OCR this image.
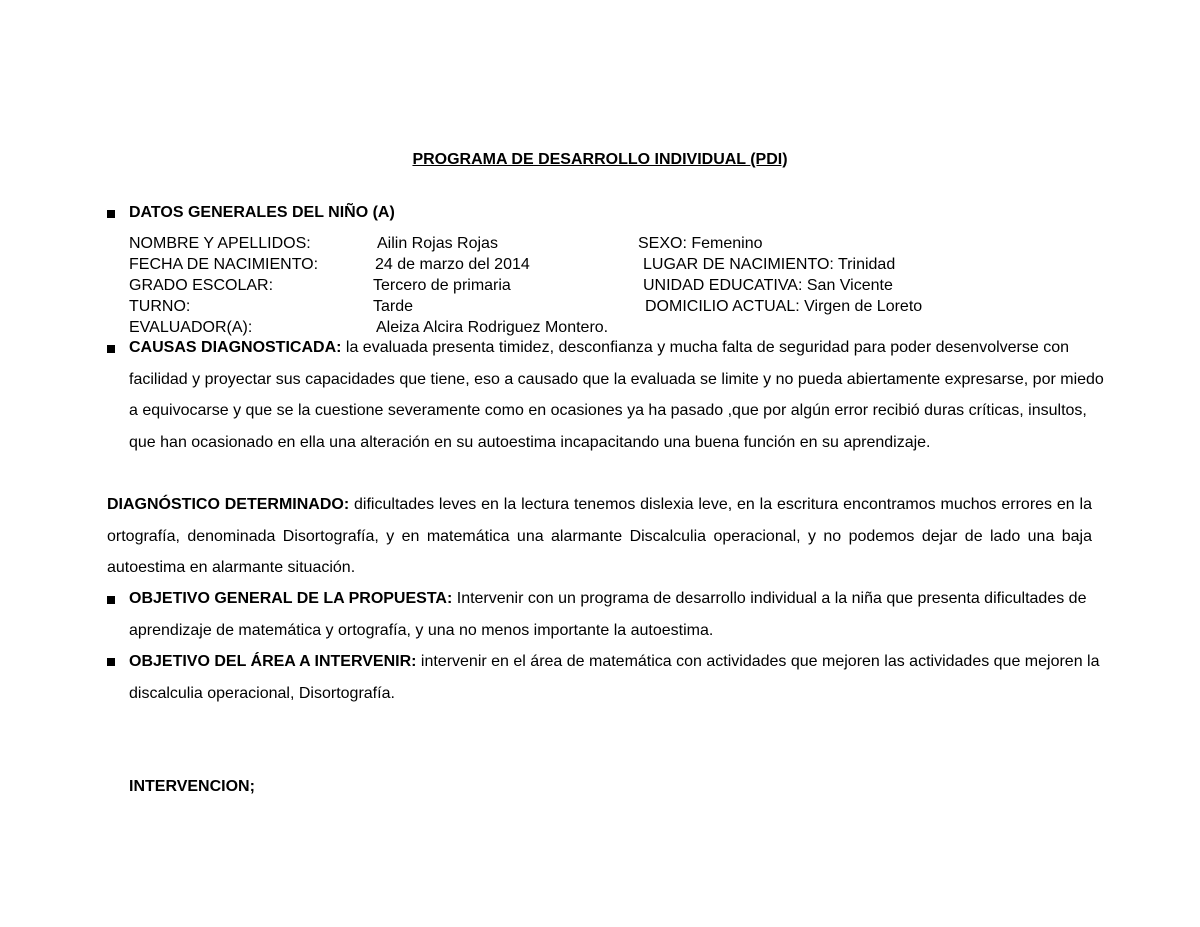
PROGRAMA DE DESARROLLO INDIVIDUAL (PDI)
DATOS GENERALES DEL NIÑO (A)
NOMBRE Y APELLIDOS:	Ailin Rojas Rojas	SEXO: Femenino
FECHA DE NACIMIENTO:	24 de marzo del 2014	LUGAR DE NACIMIENTO: Trinidad
GRADO ESCOLAR:	Tercero de primaria	UNIDAD EDUCATIVA: San Vicente
TURNO:	Tarde	DOMICILIO ACTUAL: Virgen de Loreto
EVALUADOR(A):	Aleiza Alcira Rodriguez Montero.

CAUSAS DIAGNOSTICADA: la evaluada presenta timidez, desconfianza y mucha falta de seguridad para poder desenvolverse con facilidad y proyectar sus capacidades que tiene, eso a causado que la evaluada se limite y no pueda abiertamente expresarse, por miedo a equivocarse y que se la cuestione severamente como en ocasiones ya ha pasado ,que por algún error recibió duras críticas, insultos, que han ocasionado en ella una alteración en su autoestima incapacitando una buena función en su aprendizaje.

DIAGNÓSTICO DETERMINADO: dificultades leves en la lectura tenemos dislexia leve, en la escritura encontramos muchos errores en la ortografía, denominada Disortografía, y en matemática una alarmante Discalculia operacional, y no podemos dejar de lado una baja autoestima en alarmante situación.

OBJETIVO GENERAL DE LA PROPUESTA: Intervenir con un programa de desarrollo individual a la niña que presenta dificultades de aprendizaje de matemática y ortografía, y una no menos importante la autoestima.

OBJETIVO DEL ÁREA A INTERVENIR: intervenir en el área de matemática con actividades que mejoren las actividades que mejoren la discalculia operacional, Disortografía.

INTERVENCION;
